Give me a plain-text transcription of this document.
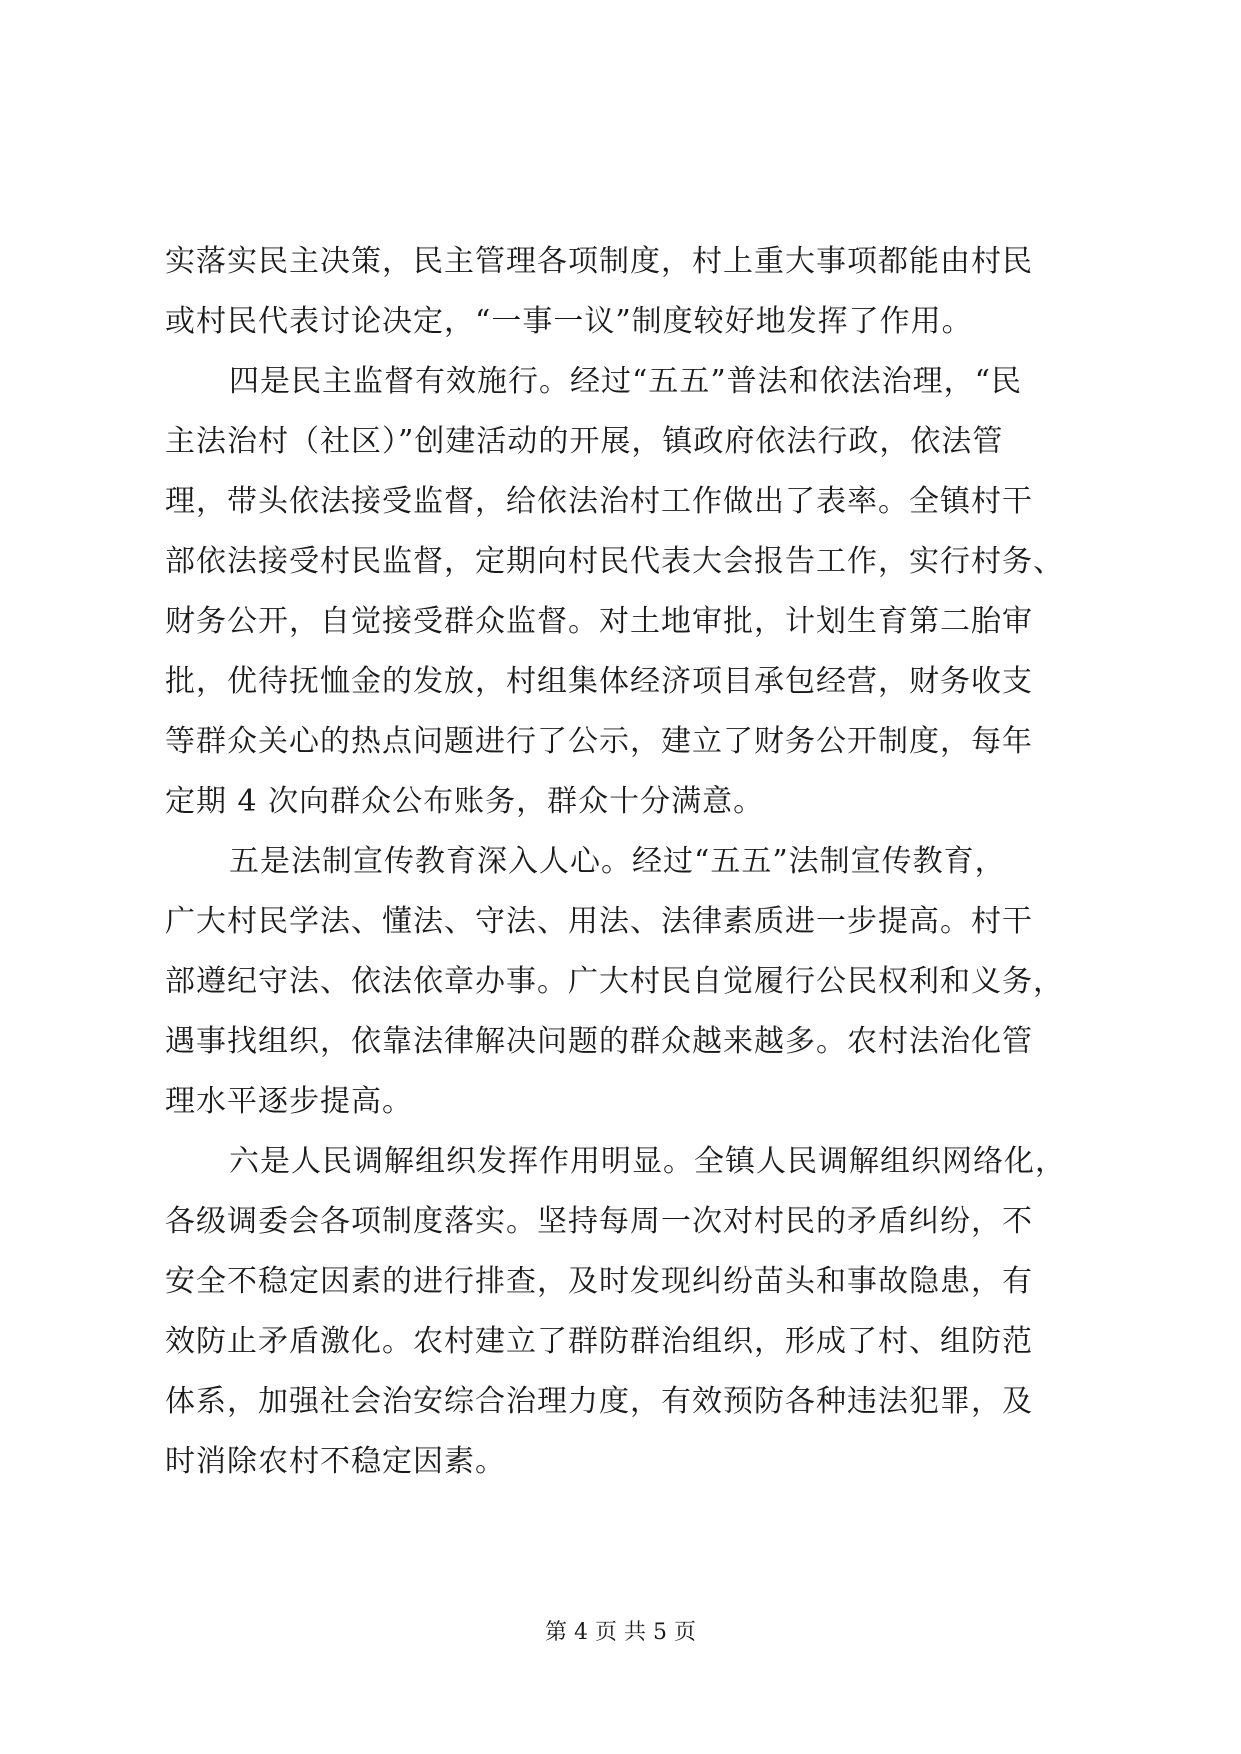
实落实民主决策，民主管理各项制度，村上重大事项都能由村民
或村民代表讨论决定，“一事一议”制度较好地发挥了作用。
四是民主监督有效施行。经过“五五”普法和依法治理，“民
主法治村（社区）”创建活动的开展，镇政府依法行政，依法管
理，带头依法接受监督，给依法治村工作做出了表率。全镇村干
部依法接受村民监督，定期向村民代表大会报告工作，实行村务、
财务公开，自觉接受群众监督。对土地审批，计划生育第二胎审
批，优待抚恤金的发放，村组集体经济项目承包经营，财务收支
等群众关心的热点问题进行了公示，建立了财务公开制度，每年
定期 4 次向群众公布账务，群众十分满意。
五是法制宣传教育深入人心。经过“五五”法制宣传教育，
广大村民学法、懂法、守法、用法、法律素质进一步提高。村干
部遵纪守法、依法依章办事。广大村民自觉履行公民权利和义务，
遇事找组织，依靠法律解决问题的群众越来越多。农村法治化管
理水平逐步提高。
六是人民调解组织发挥作用明显。全镇人民调解组织网络化，
各级调委会各项制度落实。坚持每周一次对村民的矛盾纠纷，不
安全不稳定因素的进行排查，及时发现纠纷苗头和事故隐患，有
效防止矛盾激化。农村建立了群防群治组织，形成了村、组防范
体系，加强社会治安综合治理力度，有效预防各种违法犯罪，及
时消除农村不稳定因素。
第 4 页 共 5 页
